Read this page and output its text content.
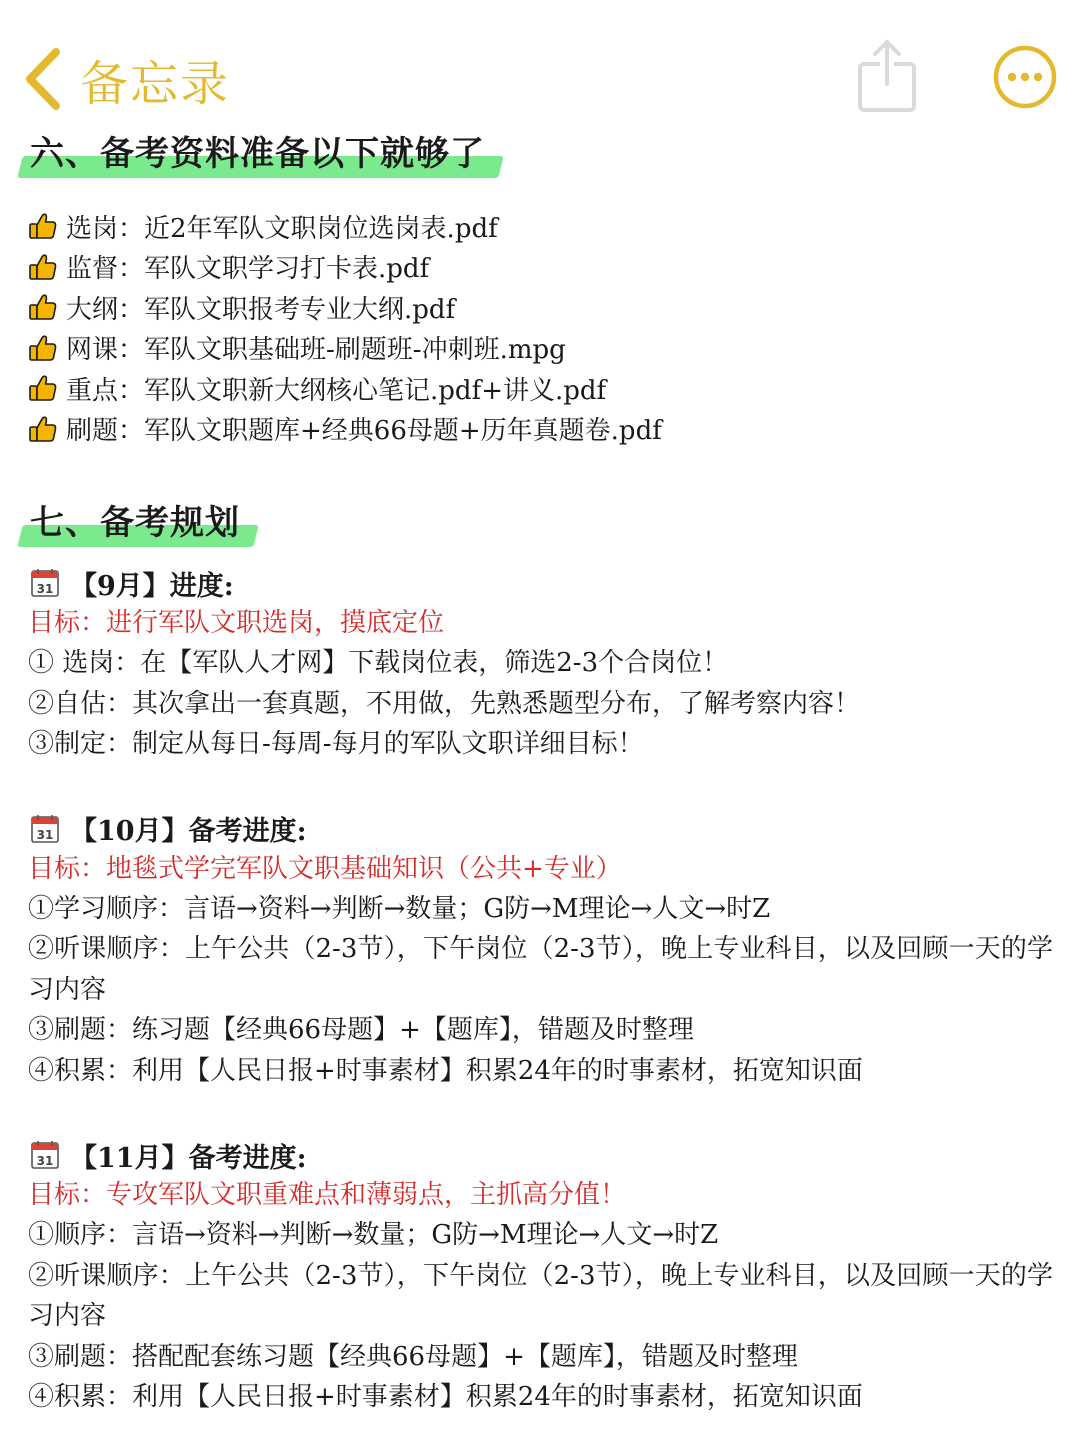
备忘录
六、备考资料准备以下就够了
选岗： 近2年军队文职岗位选岗表.pdf
监督： 军队文职学习打卡表.pdf
大纲： 军队文职报考专业大纲.pdf
网课： 军队文职基础班-刷题班-冲刺班.mpg
重点： 军队文职新大纲核心笔记.pdf+讲义.pdf
刷题： 军队文职题库+经典66母题+历年真题卷.pdf
七、备考规划
31 【9月】进度:
目标：进行军队文职选岗，摸底定位
① 选岗：在【军队人才网】下载岗位表，筛选2-3个合岗位！
②自估：其次拿出一套真题，不用做，先熟悉题型分布，了解考察内容！
③制定：制定从每日-每周-每月的军队文职详细目标！
31 【10月】备考进度:
目标：地毯式学完军队文职基础知识（公共+专业）
①学习顺序：言语→资料→判断→数量；G防→M理论→人文→时Z
②听课顺序：上午公共（2-3节），下午岗位（2-3节），晚上专业科目，以及回顾一天的学习内容
③刷题：练习题【经典66母题】+【题库】，错题及时整理
④积累：利用【人民日报+时事素材】积累24年的时事素材，拓宽知识面
31 【11月】备考进度:
目标：专攻军队文职重难点和薄弱点，主抓高分值！
①顺序：言语→资料→判断→数量；G防→M理论→人文→时Z
②听课顺序：上午公共（2-3节），下午岗位（2-3节），晚上专业科目，以及回顾一天的学习内容
③刷题：搭配配套练习题【经典66母题】+【题库】，错题及时整理
④积累：利用【人民日报+时事素材】积累24年的时事素材，拓宽知识面
